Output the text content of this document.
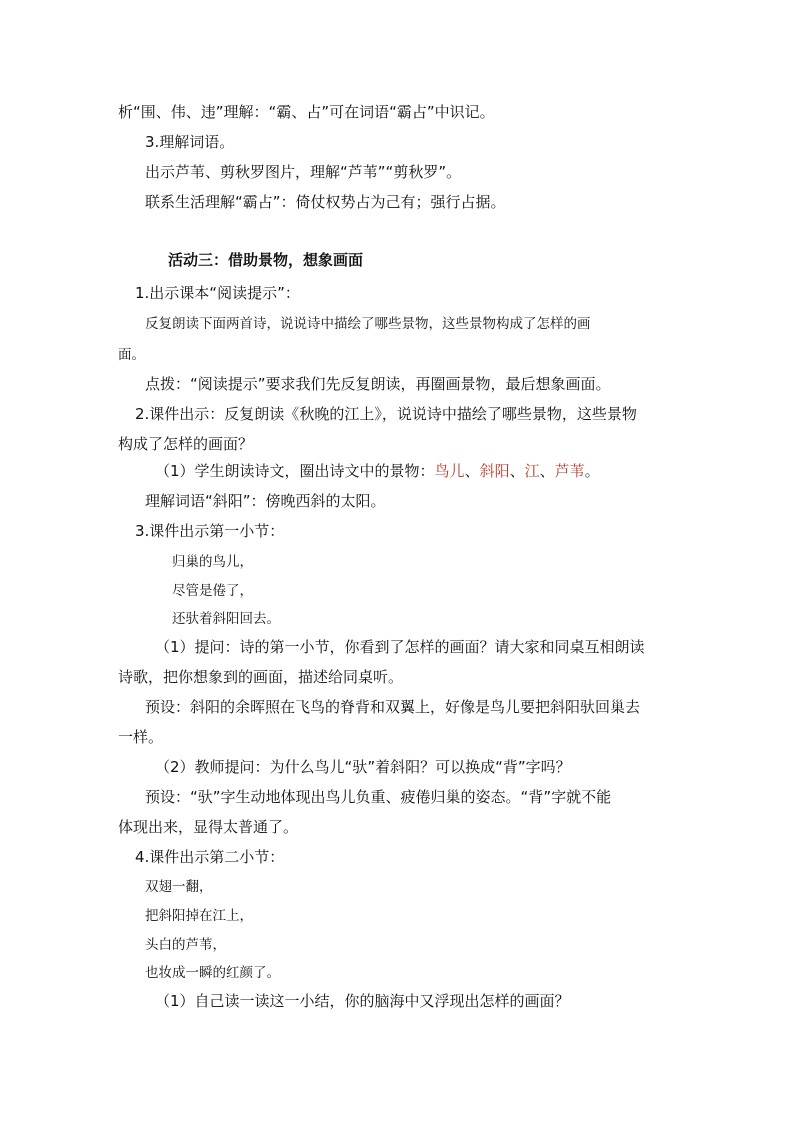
析“围、伟、违”理解：“霸、占”可在词语“霸占”中识记。
3.理解词语。
出示芦苇、剪秋罗图片，理解“芦苇”“剪秋罗”。
联系生活理解“霸占”：倚仗权势占为己有；强行占据。
活动三：借助景物，想象画面
1.出示课本“阅读提示”：
反复朗读下面两首诗，说说诗中描绘了哪些景物，这些景物构成了怎样的画
面。
点拨：“阅读提示”要求我们先反复朗读，再圈画景物，最后想象画面。
2.课件出示：反复朗读《秋晚的江上》，说说诗中描绘了哪些景物，这些景物
构成了怎样的画面？
（1）学生朗读诗文，圈出诗文中的景物：鸟儿、斜阳、江、芦苇。
理解词语“斜阳”：傍晚西斜的太阳。
3.课件出示第一小节：
归巢的鸟儿，
尽管是倦了，
还驮着斜阳回去。
（1）提问：诗的第一小节，你看到了怎样的画面？请大家和同桌互相朗读
诗歌，把你想象到的画面，描述给同桌听。
预设：斜阳的余晖照在飞鸟的脊背和双翼上，好像是鸟儿要把斜阳驮回巢去
一样。
（2）教师提问：为什么鸟儿“驮”着斜阳？可以换成“背”字吗？
预设：“驮”字生动地体现出鸟儿负重、疲倦归巢的姿态。“背”字就不能
体现出来，显得太普通了。
4.课件出示第二小节：
双翅一翻，
把斜阳掉在江上，
头白的芦苇，
也妆成一瞬的红颜了。
（1）自己读一读这一小结，你的脑海中又浮现出怎样的画面？
